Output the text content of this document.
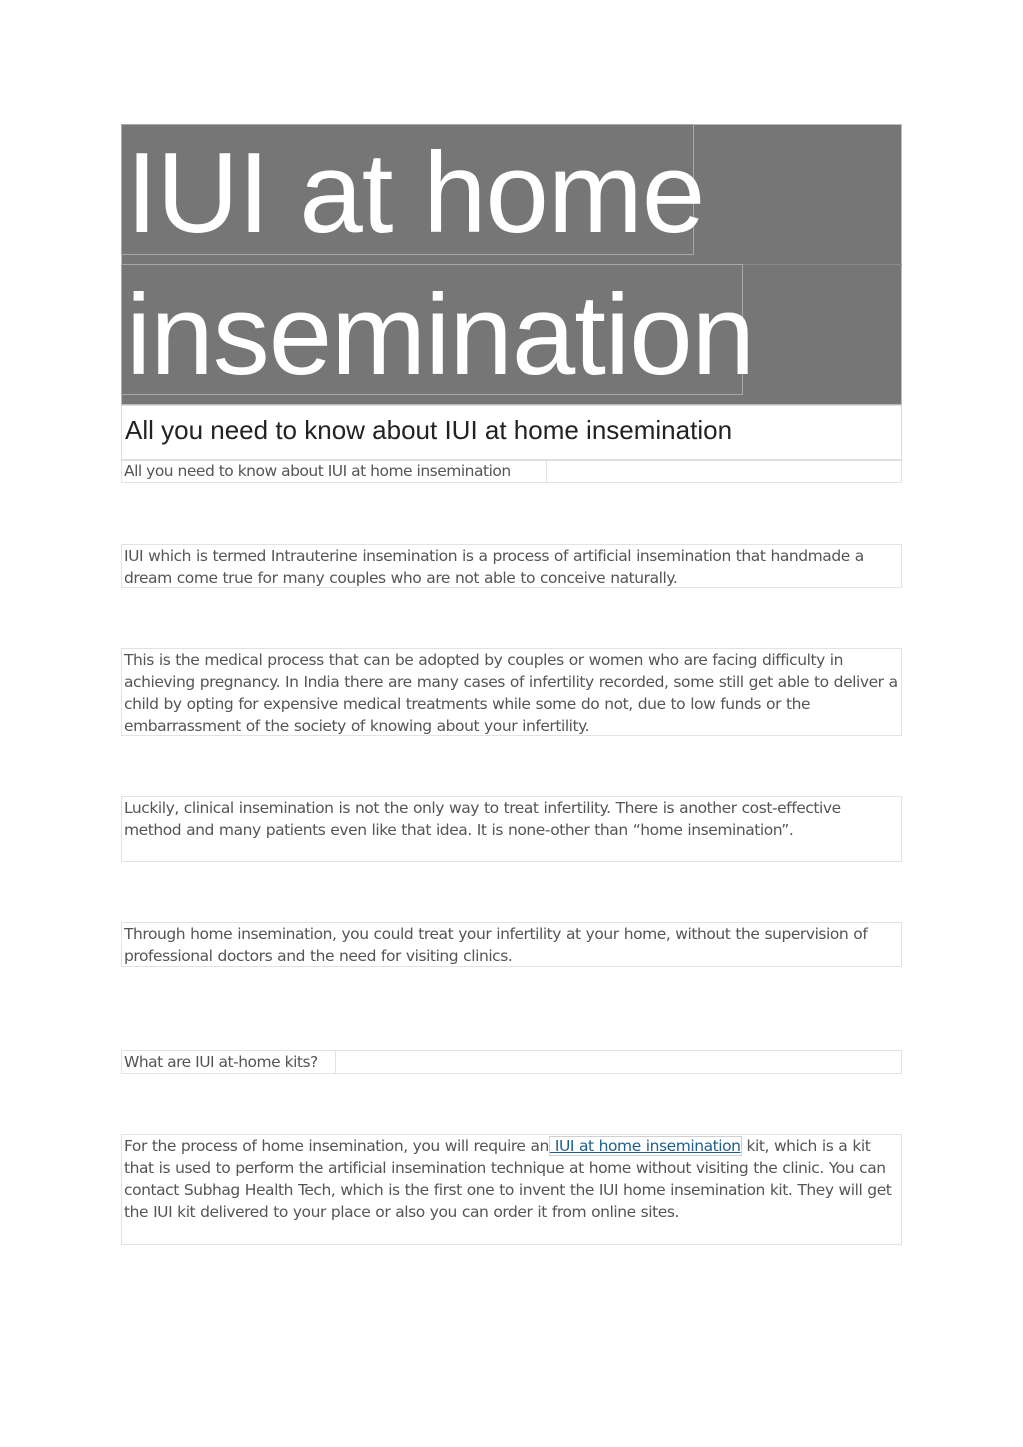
IUI at home
insemination
All you need to know about IUI at home insemination
All you need to know about IUI at home insemination
IUI which is termed Intrauterine insemination is a process of artificial insemination that handmade a dream come true for many couples who are not able to conceive naturally.
This is the medical process that can be adopted by couples or women who are facing difficulty in achieving pregnancy. In India there are many cases of infertility recorded, some still get able to deliver a child by opting for expensive medical treatments while some do not, due to low funds or the embarrassment of the society of knowing about your infertility.
Luckily, clinical insemination is not the only way to treat infertility. There is another cost-effective method and many patients even like that idea. It is none-other than “home insemination”.
Through home insemination, you could treat your infertility at your home, without the supervision of professional doctors and the need for visiting clinics.
What are IUI at-home kits?
For the process of home insemination, you will require an IUI at home insemination kit, which is a kit that is used to perform the artificial insemination technique at home without visiting the clinic. You can contact Subhag Health Tech, which is the first one to invent the IUI home insemination kit. They will get the IUI kit delivered to your place or also you can order it from online sites.
